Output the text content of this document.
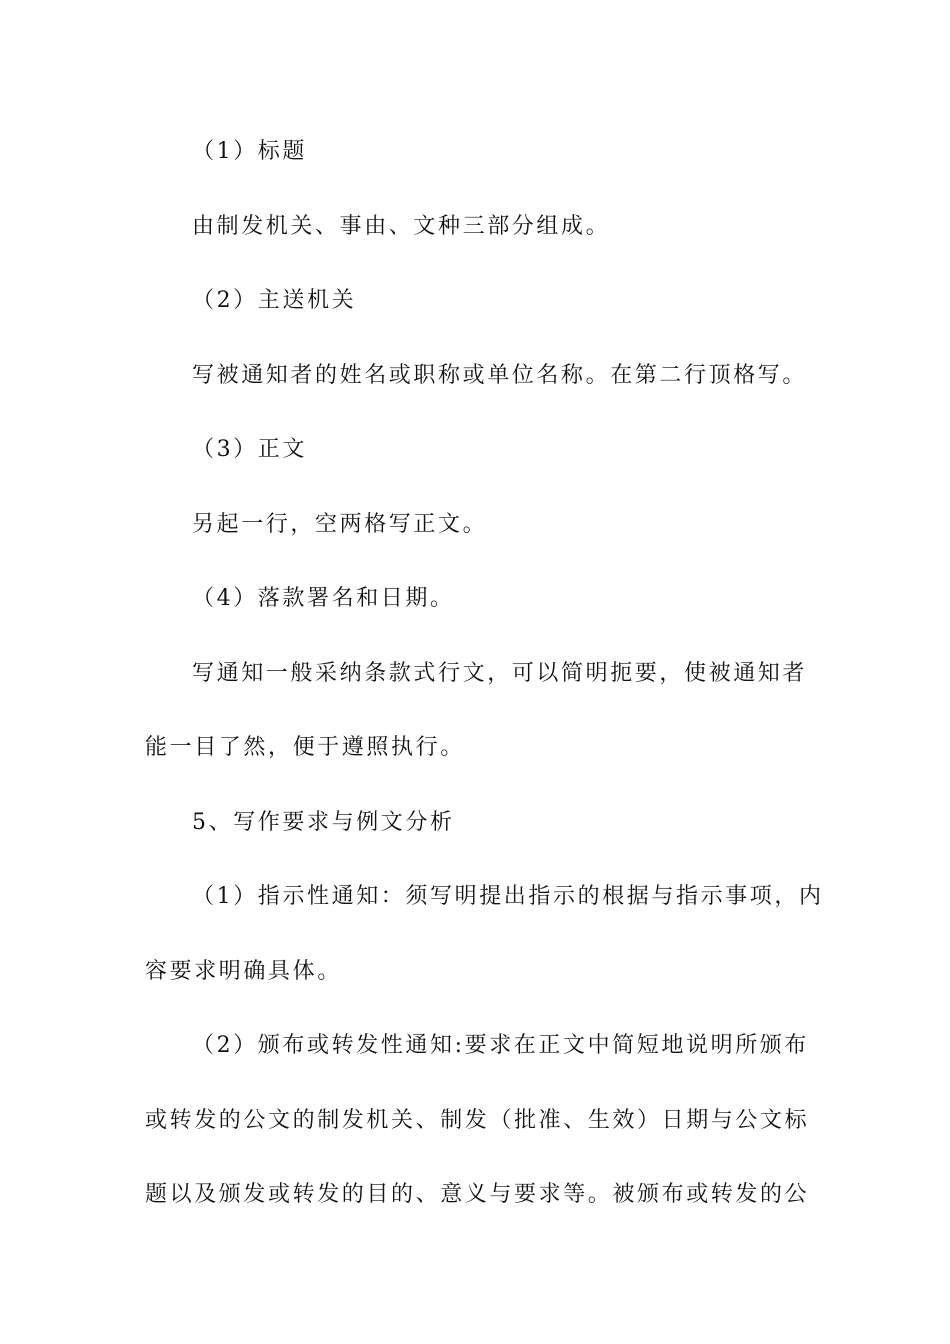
（1）标题
由制发机关、事由、文种三部分组成。
（2）主送机关
写被通知者的姓名或职称或单位名称。在第二行顶格写。
（3）正文
另起一行，空两格写正文。
（4）落款署名和日期。
写通知一般采纳条款式行文，可以简明扼要，使被通知者
能一目了然，便于遵照执行。
5、写作要求与例文分析
（1）指示性通知：须写明提出指示的根据与指示事项，内
容要求明确具体。
（2）颁布或转发性通知:要求在正文中简短地说明所颁布
或转发的公文的制发机关、制发（批准、生效）日期与公文标
题以及颁发或转发的目的、意义与要求等。被颁布或转发的公
